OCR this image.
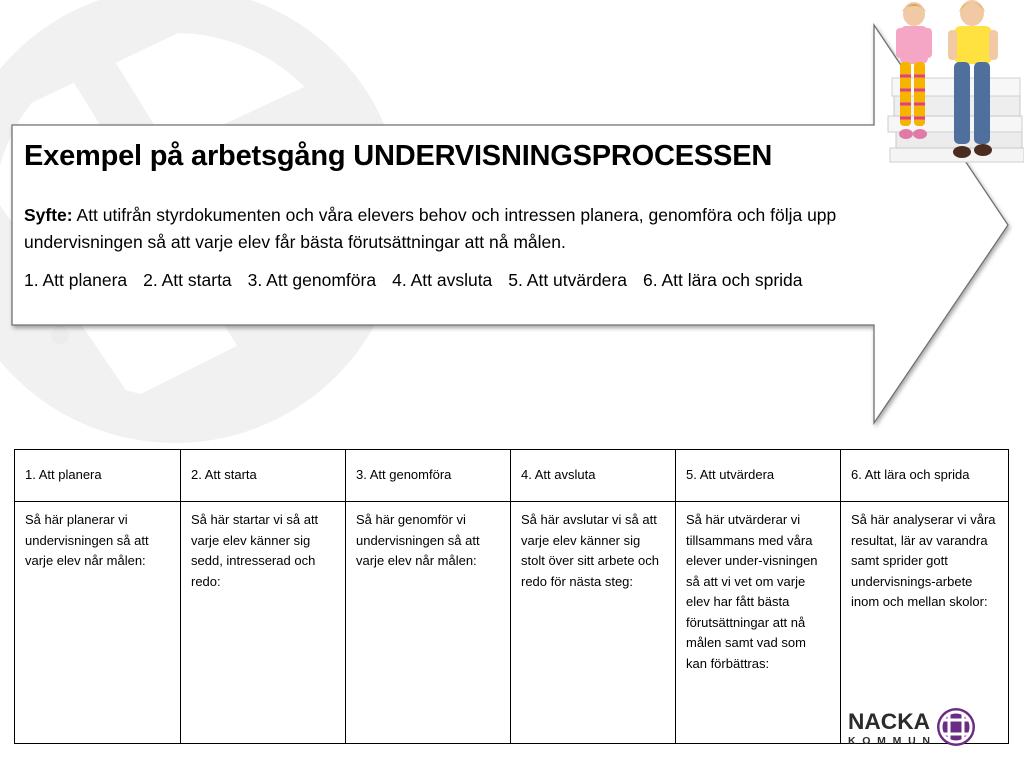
Exempel på arbetsgång UNDERVISNINGSPROCESSEN
Syfte: Att utifrån styrdokumenten och våra elevers behov och intressen planera, genomföra och följa upp undervisningen så att varje elev får bästa förutsättningar att nå målen.
1. Att planera 2. Att starta 3. Att genomföra 4. Att avsluta 5. Att utvärdera 6. Att lära och sprida
1. Att planera	2. Att starta	3. Att genomföra	4. Att avsluta	5. Att utvärdera	6. Att lära och sprida
Så här planerar vi undervisningen så att varje elev når målen:	Så här startar vi så att varje elev känner sig sedd, intresserad och redo:	Så här genomför vi undervisningen så att varje elev når målen:	Så här avslutar vi så att varje elev känner sig stolt över sitt arbete och redo för nästa steg:	Så här utvärderar vi tillsammans med våra elever under-visningen så att vi vet om varje elev har fått bästa förutsättningar att nå målen samt vad som kan förbättras:	Så här analyserar vi våra resultat, lär av varandra samt sprider gott undervisnings-arbete inom och mellan skolor:
NACKA
KOMMUN
